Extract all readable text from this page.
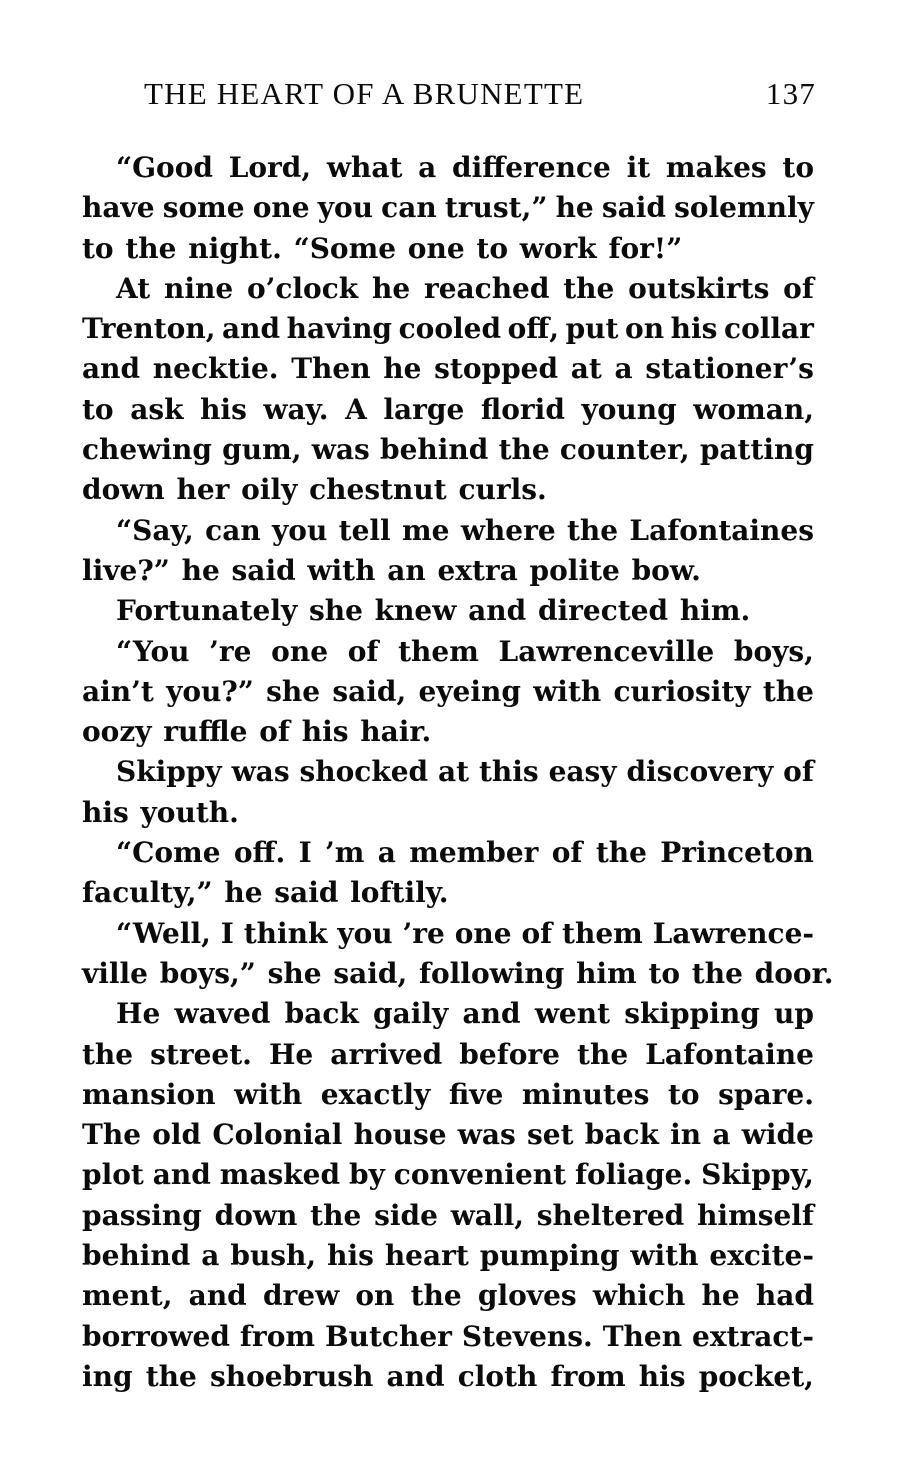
THE HEART OF A BRUNETTE	137
“Good Lord, what a difference it makes to
have some one you can trust,” he said solemnly
to the night. “Some one to work for!”
At nine o’clock he reached the outskirts of
Trenton, and having cooled off, put on his collar
and necktie. Then he stopped at a stationer’s
to ask his way. A large florid young woman,
chewing gum, was behind the counter, patting
down her oily chestnut curls.
“Say, can you tell me where the Lafontaines
live?” he said with an extra polite bow.
Fortunately she knew and directed him.
“You ’re one of them Lawrenceville boys,
ain’t you?” she said, eyeing with curiosity the
oozy ruffle of his hair.
Skippy was shocked at this easy discovery of
his youth.
“Come off. I ’m a member of the Princeton
faculty,” he said loftily.
“Well, I think you ’re one of them Lawrence-
ville boys,” she said, following him to the door.
He waved back gaily and went skipping up
the street. He arrived before the Lafontaine
mansion with exactly five minutes to spare.
The old Colonial house was set back in a wide
plot and masked by convenient foliage. Skippy,
passing down the side wall, sheltered himself
behind a bush, his heart pumping with excite-
ment, and drew on the gloves which he had
borrowed from Butcher Stevens. Then extract-
ing the shoebrush and cloth from his pocket,
